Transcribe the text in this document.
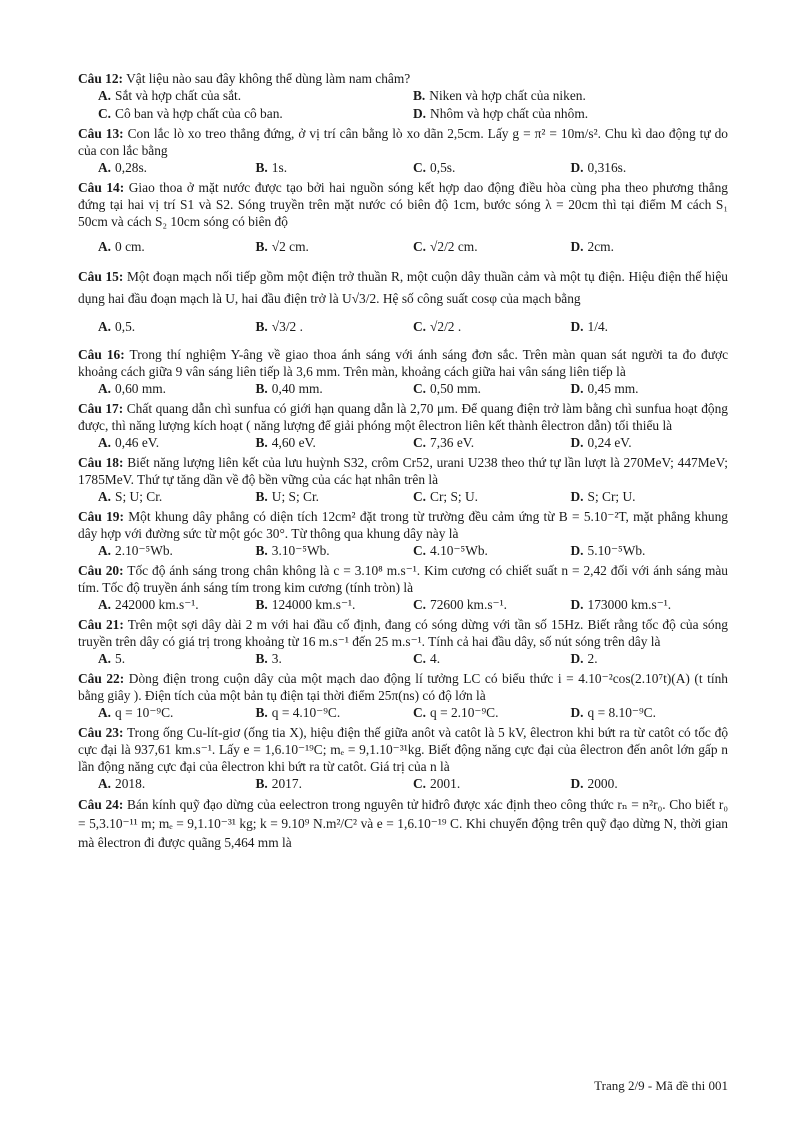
Câu 12: Vật liệu nào sau đây không thể dùng làm nam châm?
A. Sắt và hợp chất của sắt.	B. Niken và hợp chất của niken.
C. Cô ban và hợp chất của cô ban.	D. Nhôm và hợp chất của nhôm.
Câu 13: Con lắc lò xo treo thẳng đứng, ở vị trí cân bằng lò xo dãn 2,5cm. Lấy g = π² = 10m/s². Chu kì dao động tự do của con lắc bằng
A. 0,28s.	B. 1s.	C. 0,5s.	D. 0,316s.
Câu 14: Giao thoa ở mặt nước được tạo bởi hai nguồn sóng kết hợp dao động điều hòa cùng pha theo phương thẳng đứng tại hai vị trí S1 và S2. Sóng truyền trên mặt nước có biên độ 1cm, bước sóng λ = 20cm thì tại điểm M cách S₁ 50cm và cách S₂ 10cm sóng có biên độ
A. 0 cm.	B. √2 cm.	C. √2/2 cm.	D. 2cm.
Câu 15: Một đoạn mạch nối tiếp gồm một điện trở thuần R, một cuộn dây thuần cảm và một tụ điện. Hiệu điện thế hiệu dụng hai đầu đoạn mạch là U, hai đầu điện trở là U√3/2. Hệ số công suất cosφ của mạch bằng
A. 0,5.	B. √3/2 .	C. √2/2 .	D. 1/4.
Câu 16: Trong thí nghiệm Y-âng về giao thoa ánh sáng với ánh sáng đơn sắc. Trên màn quan sát người ta đo được khoảng cách giữa 9 vân sáng liên tiếp là 3,6 mm. Trên màn, khoảng cách giữa hai vân sáng liên tiếp là
A. 0,60 mm.	B. 0,40 mm.	C. 0,50 mm.	D. 0,45 mm.
Câu 17: Chất quang dẫn chì sunfua có giới hạn quang dẫn là 2,70 μm. Để quang điện trở làm bằng chì sunfua hoạt động được, thì năng lượng kích hoạt ( năng lượng để giải phóng một êlectron liên kết thành êlectron dẫn) tối thiểu là
A. 0,46 eV.	B. 4,60 eV.	C. 7,36 eV.	D. 0,24 eV.
Câu 18: Biết năng lượng liên kết của lưu huỳnh S32, crôm Cr52, urani U238 theo thứ tự lần lượt là 270MeV; 447MeV; 1785MeV. Thứ tự tăng dần về độ bền vững của các hạt nhân trên là
A. S; U; Cr.	B. U; S; Cr.	C. Cr; S; U.	D. S; Cr; U.
Câu 19: Một khung dây phẳng có diện tích 12cm² đặt trong từ trường đều cảm ứng từ B = 5.10⁻²T, mặt phẳng khung dây hợp với đường sức từ một góc 30°. Từ thông qua khung dây này là
A. 2.10⁻⁵Wb.	B. 3.10⁻⁵Wb.	C. 4.10⁻⁵Wb.	D. 5.10⁻⁵Wb.
Câu 20: Tốc độ ánh sáng trong chân không là c = 3.10⁸ m.s⁻¹. Kim cương có chiết suất n = 2,42 đối với ánh sáng màu tím. Tốc độ truyền ánh sáng tím trong kim cương (tính tròn) là
A. 242000 km.s⁻¹.	B. 124000 km.s⁻¹.	C. 72600 km.s⁻¹.	D. 173000 km.s⁻¹.
Câu 21: Trên một sợi dây dài 2 m với hai đầu cố định, đang có sóng dừng với tần số 15Hz. Biết rằng tốc độ của sóng truyền trên dây có giá trị trong khoảng từ 16 m.s⁻¹ đến 25 m.s⁻¹. Tính cả hai đầu dây, số nút sóng trên dây là
A. 5.	B. 3.	C. 4.	D. 2.
Câu 22: Dòng điện trong cuộn dây của một mạch dao động lí tưởng LC có biểu thức i = 4.10⁻²cos(2.10⁷t)(A) (t tính bằng giây ). Điện tích của một bản tụ điện tại thời điểm 25π(ns) có độ lớn là
A. q = 10⁻⁹C.	B. q = 4.10⁻⁹C.	C. q = 2.10⁻⁹C.	D. q = 8.10⁻⁹C.
Câu 23: Trong ống Cu-lít-giơ (ống tia X), hiệu điện thế giữa anôt và catôt là 5 kV, êlectron khi bứt ra từ catôt có tốc độ cực đại là 937,61 km.s⁻¹. Lấy e = 1,6.10⁻¹⁹C; mₑ = 9,1.10⁻³¹kg. Biết động năng cực đại của êlectron đến anôt lớn gấp n lần động năng cực đại của êlectron khi bứt ra từ catôt. Giá trị của n là
A. 2018.	B. 2017.	C. 2001.	D. 2000.
Câu 24: Bán kính quỹ đạo dừng của eelectron trong nguyên tử hiđrô được xác định theo công thức rₙ = n²r₀. Cho biết r₀ = 5,3.10⁻¹¹ m; mₑ = 9,1.10⁻³¹ kg; k = 9.10⁹ N.m²/C² và e = 1,6.10⁻¹⁹ C. Khi chuyển động trên quỹ đạo dừng N, thời gian mà êlectron đi được quãng 5,464 mm là
Trang 2/9 - Mã đề thi 001
